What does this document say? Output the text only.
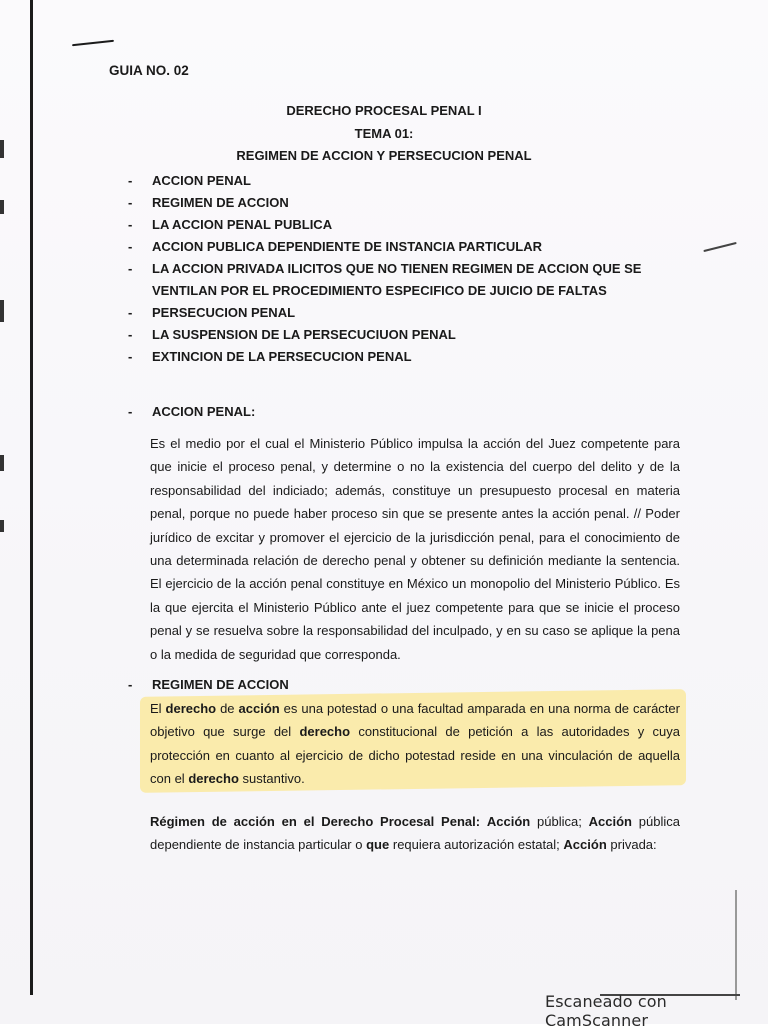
GUIA NO. 02
DERECHO PROCESAL PENAL I
TEMA 01:
REGIMEN DE ACCION Y PERSECUCION PENAL
- ACCION PENAL
- REGIMEN DE ACCION
- LA ACCION PENAL PUBLICA
- ACCION PUBLICA DEPENDIENTE DE INSTANCIA PARTICULAR
- LA ACCION PRIVADA ILICITOS QUE NO TIENEN REGIMEN DE ACCION QUE SE VENTILAN POR EL PROCEDIMIENTO ESPECIFICO DE JUICIO DE FALTAS
- PERSECUCION PENAL
- LA SUSPENSION DE LA PERSECUCIUON PENAL
- EXTINCION DE LA PERSECUCION PENAL
- ACCION PENAL:
Es el medio por el cual el Ministerio Público impulsa la acción del Juez competente para que inicie el proceso penal, y determine o no la existencia del cuerpo del delito y de la responsabilidad del indiciado; además, constituye un presupuesto procesal en materia penal, porque no puede haber proceso sin que se presente antes la acción penal. // Poder jurídico de excitar y promover el ejercicio de la jurisdicción penal, para el conocimiento de una determinada relación de derecho penal y obtener su definición mediante la sentencia. El ejercicio de la acción penal constituye en México un monopolio del Ministerio Público. Es la que ejercita el Ministerio Público ante el juez competente para que se inicie el proceso penal y se resuelva sobre la responsabilidad del inculpado, y en su caso se aplique la pena o la medida de seguridad que corresponda.
- REGIMEN DE ACCION
El derecho de acción es una potestad o una facultad amparada en una norma de carácter objetivo que surge del derecho constitucional de petición a las autoridades y cuya protección en cuanto al ejercicio de dicho potestad reside en una vinculación de aquella con el derecho sustantivo.
Régimen de acción en el Derecho Procesal Penal: Acción pública; Acción pública dependiente de instancia particular o que requiera autorización estatal; Acción privada:
Escaneado con CamScanner
